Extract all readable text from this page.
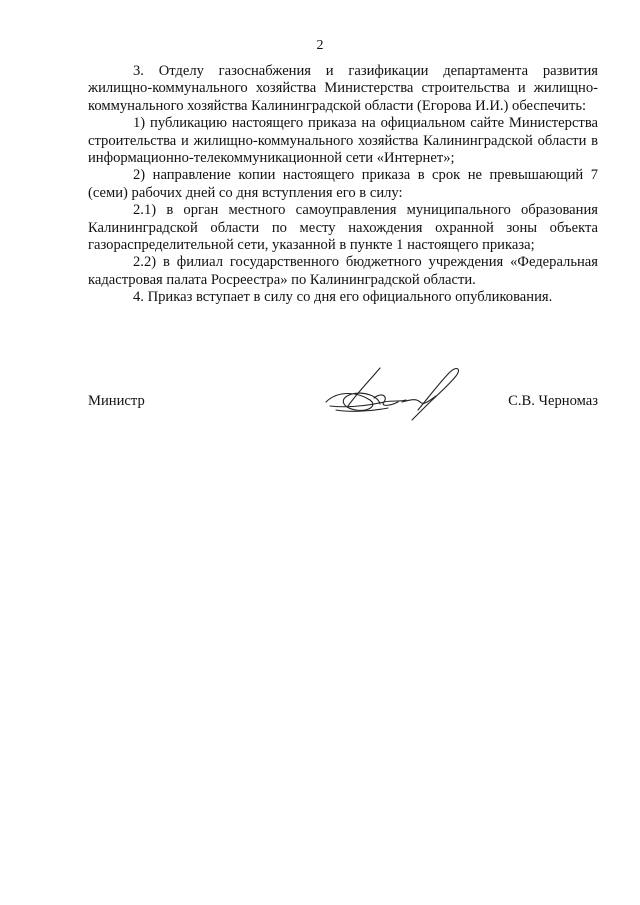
2

3. Отделу газоснабжения и газификации департамента развития жилищно-коммунального хозяйства Министерства строительства и жилищно-коммунального хозяйства Калининградской области (Егорова И.И.) обеспечить:

1) публикацию настоящего приказа на официальном сайте Министерства строительства и жилищно-коммунального хозяйства Калининградской области в информационно-телекоммуникационной сети «Интернет»;

2) направление копии настоящего приказа в срок не превышающий 7 (семи) рабочих дней со дня вступления его в силу:

2.1) в орган местного самоуправления муниципального образования Калининградской области по месту нахождения охранной зоны объекта газораспределительной сети, указанной в пункте 1 настоящего приказа;

2.2) в филиал государственного бюджетного учреждения «Федеральная кадастровая палата Росреестра» по Калининградской области.

4. Приказ вступает в силу со дня его официального опубликования.

Министр	С.В. Черномаз
